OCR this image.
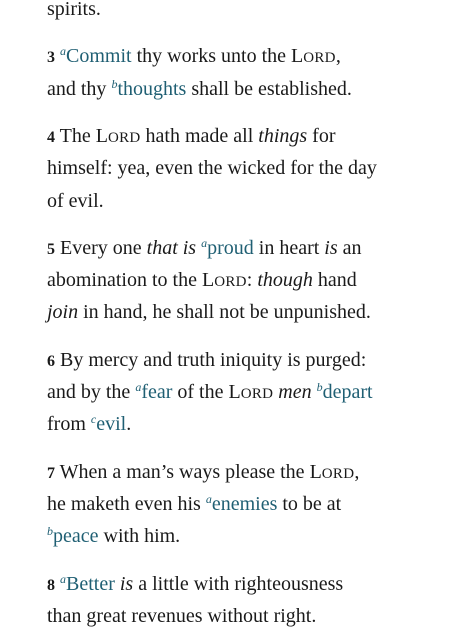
spirits.
3 $^a$Commit thy works unto the LORD,
and thy $^b$thoughts shall be established.
4 The LORD hath made all things for
himself: yea, even the wicked for the day
of evil.
5 Every one that is $^a$proud in heart is an
abomination to the LORD: though hand
join in hand, he shall not be unpunished.
6 By mercy and truth iniquity is purged:
and by the $^a$fear of the LORD men $^b$depart
from $^c$evil.
7 When a man’s ways please the LORD,
he maketh even his $^a$enemies to be at
$^b$peace with him.
8 $^a$Better is a little with righteousness
than great revenues without right.
